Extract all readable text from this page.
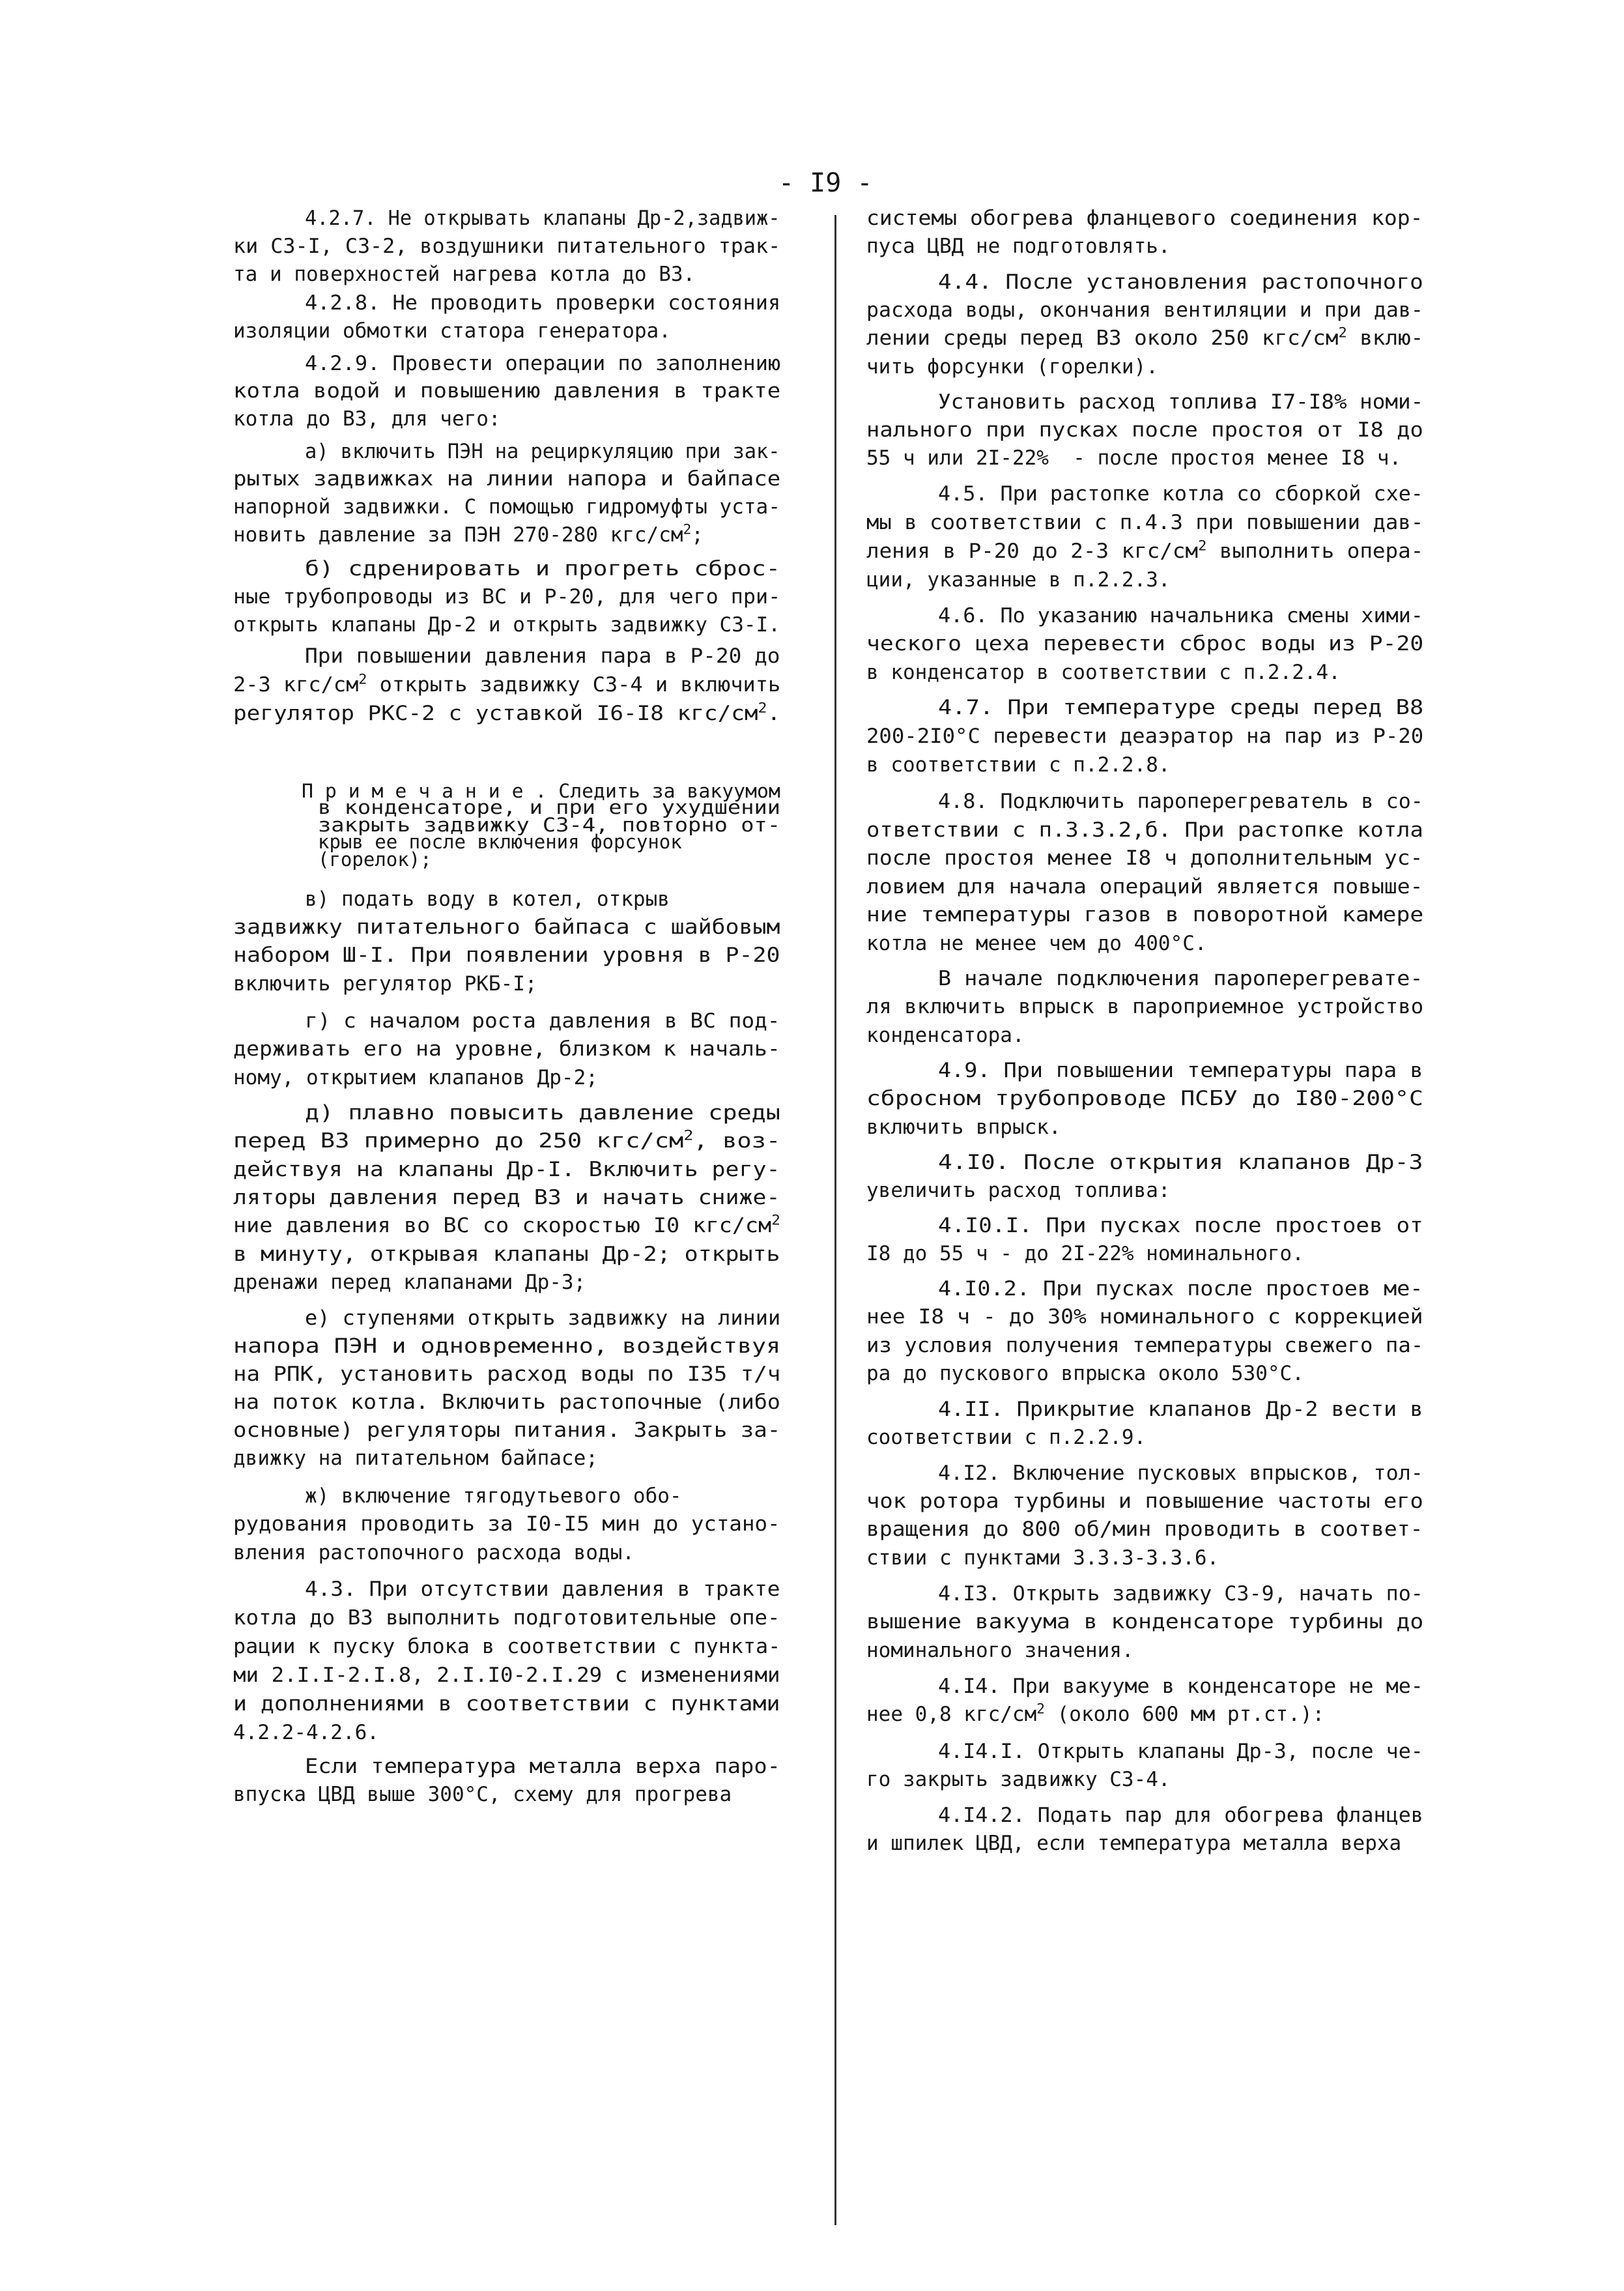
- I9 -
4.2.7. Не открывать клапаны Др-2,задвиж-
ки СЗ-I, СЗ-2, воздушники питательного трак-
та и поверхностей нагрева котла до ВЗ.
4.2.8. Не проводить проверки состояния
изоляции обмотки статора генератора.
4.2.9. Провести операции по заполнению
котла водой и повышению давления в тракте
котла до ВЗ, для чего:
а) включить ПЭН на рециркуляцию при зак-
рытых задвижках на линии напора и байпасе
напорной задвижки. С помощью гидромуфты уста-
новить давление за ПЭН 270-280 кгс/$см^2$;
б) сдренировать и прогреть сброс-
ные трубопроводы из ВС и Р-20, для чего при-
открыть клапаны Др-2 и открыть задвижку СЗ-I.
При повышении давления пара в Р-20 до
2-3 кгс/$см^2$ открыть задвижку СЗ-4 и включить
регулятор РКС-2 с уставкой I6-I8 кгс/$см^2$.
П р и м е ч а н и е . Следить за вакуумом
в конденсаторе, и при его ухудшении
закрыть задвижку СЗ-4, повторно от-
крыв ее после включения форсунок
(горелок);
в) подать воду в котел, открыв
задвижку питательного байпаса с шайбовым
набором Ш-I. При появлении уровня в Р-20
включить регулятор РКБ-I;
г) с началом роста давления в ВС под-
держивать его на уровне, близком к началь-
ному, открытием клапанов Др-2;
д) плавно повысить давление среды
перед ВЗ примерно до 250 кгс/$см^2$, воз-
действуя на клапаны Др-I. Включить регу-
ляторы давления перед ВЗ и начать сниже-
ние давления во ВС со скоростью I0 кгс/$см^2$
в минуту, открывая клапаны Др-2; открыть
дренажи перед клапанами Др-3;
е) ступенями открыть задвижку на линии
напора ПЭН и одновременно, воздействуя
на РПК, установить расход воды по I35 т/ч
на поток котла. Включить растопочные (либо
основные) регуляторы питания. Закрыть за-
движку на питательном байпасе;
ж) включение тягодутьевого обо-
рудования проводить за I0-I5 мин до устано-
вления растопочного расхода воды.
4.3. При отсутствии давления в тракте
котла до ВЗ выполнить подготовительные опе-
рации к пуску блока в соответствии с пункта-
ми 2.I.I-2.I.8, 2.I.I0-2.I.29 с изменениями
и дополнениями в соответствии с пунктами
4.2.2-4.2.6.
Если температура металла верха паро-
впуска ЦВД выше 300°С, схему для прогрева
системы обогрева фланцевого соединения кор-
пуса ЦВД не подготовлять.
4.4. После установления растопочного
расхода воды, окончания вентиляции и при дав-
лении среды перед ВЗ около 250 кгс/$см^2$ вклю-
чить форсунки (горелки).
Установить расход топлива I7-I8% номи-
нального при пусках после простоя от I8 до
55 ч или 2I-22%  - после простоя менее I8 ч.
4.5. При растопке котла со сборкой схе-
мы в соответствии с п.4.3 при повышении дав-
ления в Р-20 до 2-3 кгс/$см^2$ выполнить опера-
ции, указанные в п.2.2.3.
4.6. По указанию начальника смены хими-
ческого цеха перевести сброс воды из Р-20
в конденсатор в соответствии с п.2.2.4.
4.7. При температуре среды перед В8
200-2I0°С перевести деаэратор на пар из Р-20
в соответствии с п.2.2.8.
4.8. Подключить пароперегреватель в со-
ответствии с п.3.3.2,б. При растопке котла
после простоя менее I8 ч дополнительным ус-
ловием для начала операций является повыше-
ние температуры газов в поворотной камере
котла не менее чем до 400°С.
В начале подключения пароперегревате-
ля включить впрыск в пароприемное устройство
конденсатора.
4.9. При повышении температуры пара в
сбросном трубопроводе ПСБУ до I80-200°С
включить впрыск.
4.I0. После открытия клапанов Др-3
увеличить расход топлива:
4.I0.I. При пусках после простоев от
I8 до 55 ч - до 2I-22% номинального.
4.I0.2. При пусках после простоев ме-
нее I8 ч - до 30% номинального с коррекцией
из условия получения температуры свежего па-
ра до пускового впрыска около 530°С.
4.II. Прикрытие клапанов Др-2 вести в
соответствии с п.2.2.9.
4.I2. Включение пусковых впрысков, тол-
чок ротора турбины и повышение частоты его
вращения до 800 об/мин проводить в соответ-
ствии с пунктами 3.3.3-3.3.6.
4.I3. Открыть задвижку СЗ-9, начать по-
вышение вакуума в конденсаторе турбины до
номинального значения.
4.I4. При вакууме в конденсаторе не ме-
нее 0,8 кгс/$см^2$ (около 600 мм рт.ст.):
4.I4.I. Открыть клапаны Др-3, после че-
го закрыть задвижку СЗ-4.
4.I4.2. Подать пар для обогрева фланцев
и шпилек ЦВД, если температура металла верха
